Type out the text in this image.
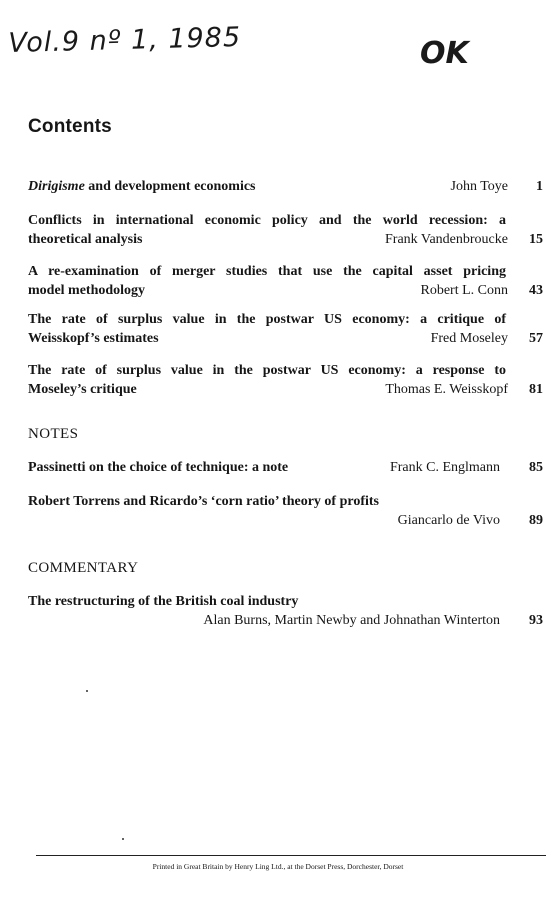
Vol.9 nº 1, 1985	OK
Contents
Dirigisme and development economics	John Toye	1
Conflicts in international economic policy and the world recession: a
theoretical analysis	Frank Vandenbroucke	15
A re-examination of merger studies that use the capital asset pricing
model methodology	Robert L. Conn	43
The rate of surplus value in the postwar US economy: a critique of
Weisskopf’s estimates	Fred Moseley	57
The rate of surplus value in the postwar US economy: a response to
Moseley’s critique	Thomas E. Weisskopf	81
NOTES
Passinetti on the choice of technique: a note	Frank C. Englmann	85
Robert Torrens and Ricardo’s ‘corn ratio’ theory of profits
Giancarlo de Vivo	89
COMMENTARY
The restructuring of the British coal industry
Alan Burns, Martin Newby and Johnathan Winterton	93
Printed in Great Britain by Henry Ling Ltd., at the Dorset Press, Dorchester, Dorset
